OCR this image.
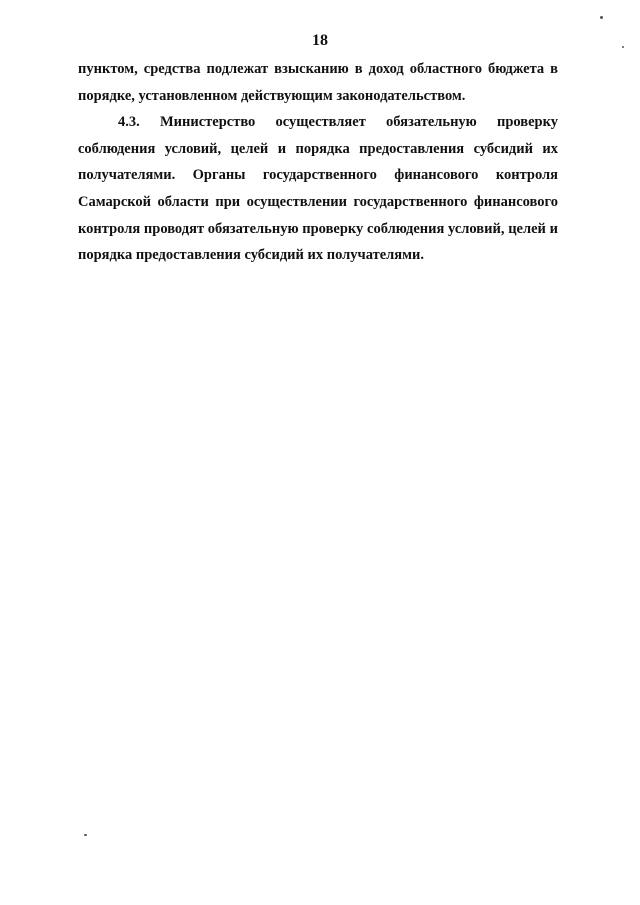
18

пунктом, средства подлежат взысканию в доход областного бюджета в порядке, установленном действующим законодательством.

4.3. Министерство осуществляет обязательную проверку соблюдения условий, целей и порядка предоставления субсидий их получателями. Органы государственного финансового контроля Самарской области при осуществлении государственного финансового контроля проводят обязательную проверку соблюдения условий, целей и порядка предоставления субсидий их получателями.
